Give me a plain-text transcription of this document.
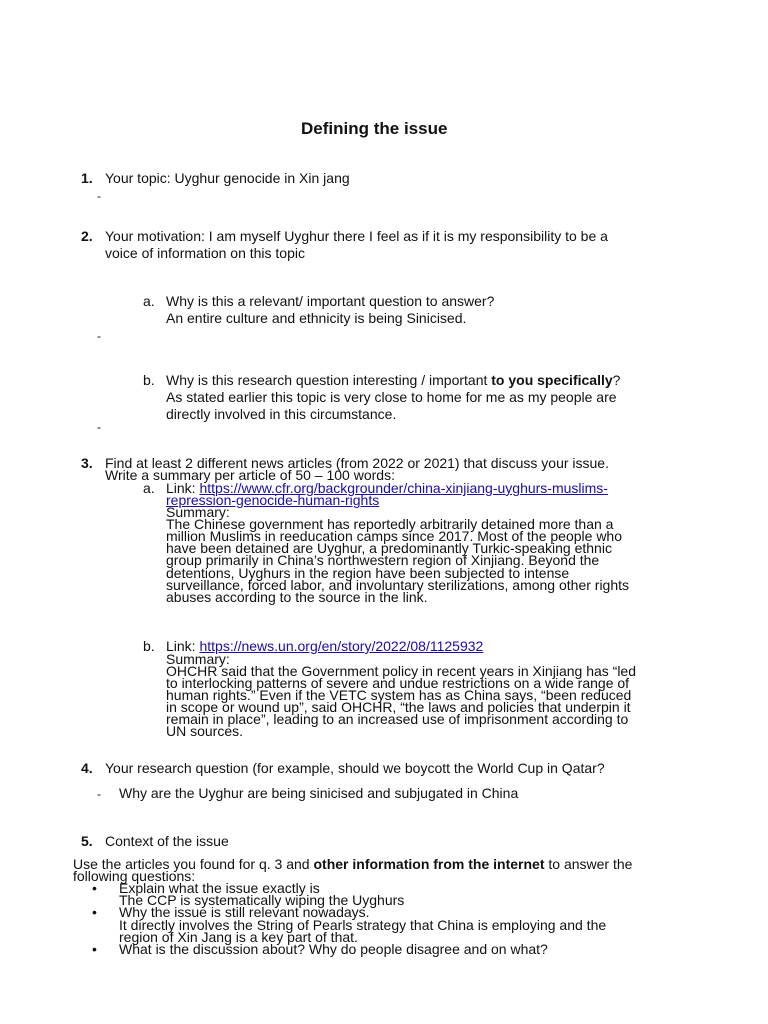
Defining the issue
1. Your topic: Uyghur genocide in Xin jang
-
2. Your motivation: I am myself Uyghur there I feel as if it is my responsibility to be a
voice of information on this topic
a. Why is this a relevant/ important question to answer?
An entire culture and ethnicity is being Sinicised.
-
b. Why is this research question interesting / important to you specifically?
As stated earlier this topic is very close to home for me as my people are
directly involved in this circumstance.
-
3. Find at least 2 different news articles (from 2022 or 2021) that discuss your issue.
Write a summary per article of 50 – 100 words:
a. Link: https://www.cfr.org/backgrounder/china-xinjiang-uyghurs-muslims-
repression-genocide-human-rights
Summary:
The Chinese government has reportedly arbitrarily detained more than a
million Muslims in reeducation camps since 2017. Most of the people who
have been detained are Uyghur, a predominantly Turkic-speaking ethnic
group primarily in China’s northwestern region of Xinjiang. Beyond the
detentions, Uyghurs in the region have been subjected to intense
surveillance, forced labor, and involuntary sterilizations, among other rights
abuses according to the source in the link.
b. Link: https://news.un.org/en/story/2022/08/1125932
Summary:
OHCHR said that the Government policy in recent years in Xinjiang has “led
to interlocking patterns of severe and undue restrictions on a wide range of
human rights.” Even if the VETC system has as China says, “been reduced
in scope or wound up”, said OHCHR, “the laws and policies that underpin it
remain in place”, leading to an increased use of imprisonment according to
UN sources.
4. Your research question (for example, should we boycott the World Cup in Qatar?
- Why are the Uyghur are being sinicised and subjugated in China
5. Context of the issue
Use the articles you found for q. 3 and other information from the internet to answer the
following questions:
• Explain what the issue exactly is
The CCP is systematically wiping the Uyghurs
• Why the issue is still relevant nowadays.
It directly involves the String of Pearls strategy that China is employing and the
region of Xin Jang is a key part of that.
• What is the discussion about? Why do people disagree and on what?
